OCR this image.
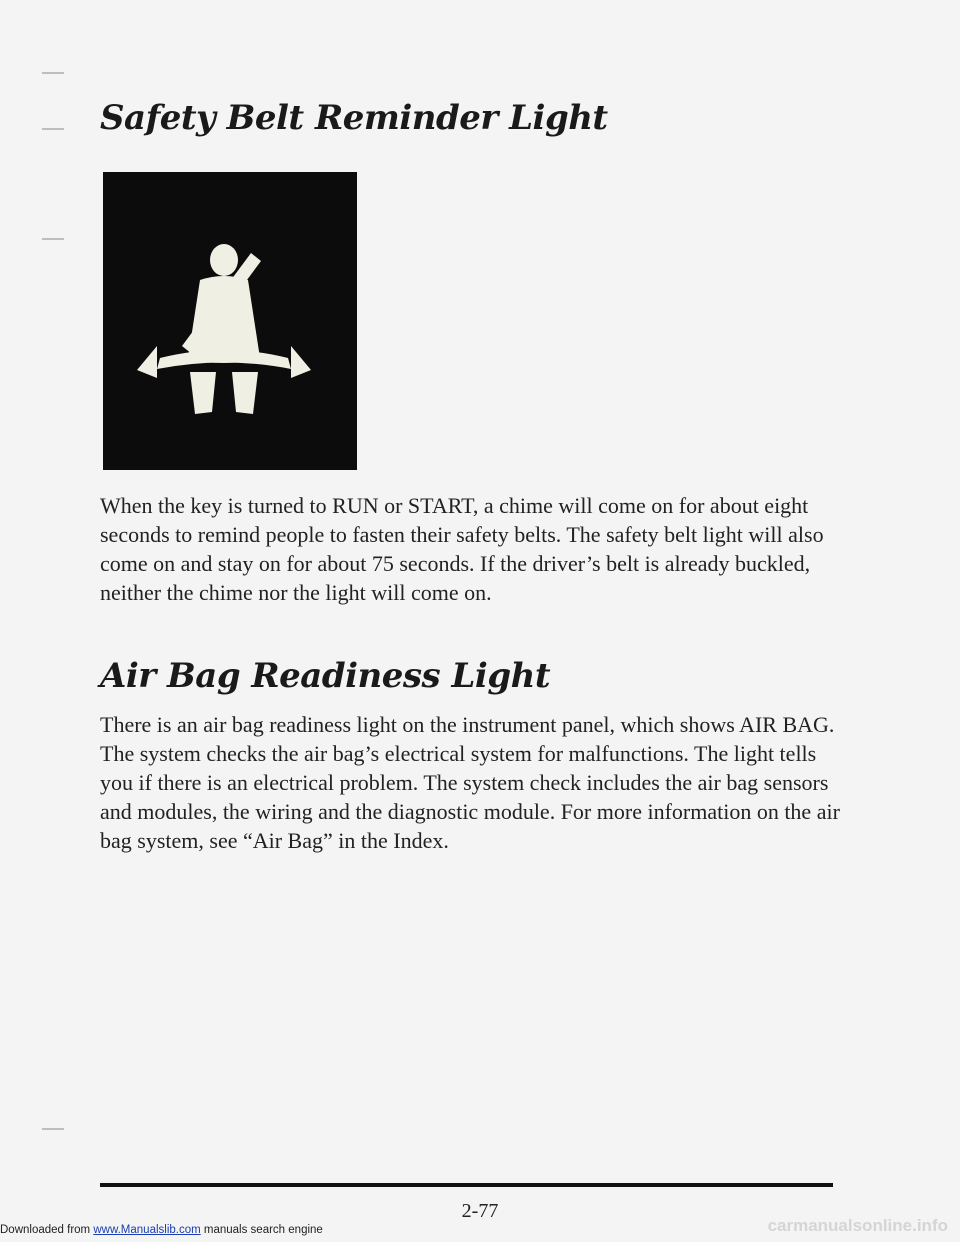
Safety Belt Reminder Light

When the key is turned to RUN or START, a chime will come on for about eight seconds to remind people to fasten their safety belts. The safety belt light will also come on and stay on for about 75 seconds. If the driver’s belt is already buckled, neither the chime nor the light will come on.

Air Bag Readiness Light

There is an air bag readiness light on the instrument panel, which shows AIR BAG. The system checks the air bag’s electrical system for malfunctions. The light tells you if there is an electrical problem. The system check includes the air bag sensors and modules, the wiring and the diagnostic module. For more information on the air bag system, see “Air Bag” in the Index.

2-77
Downloaded from www.Manualslib.com manuals search engine	carmanualsonline.info
